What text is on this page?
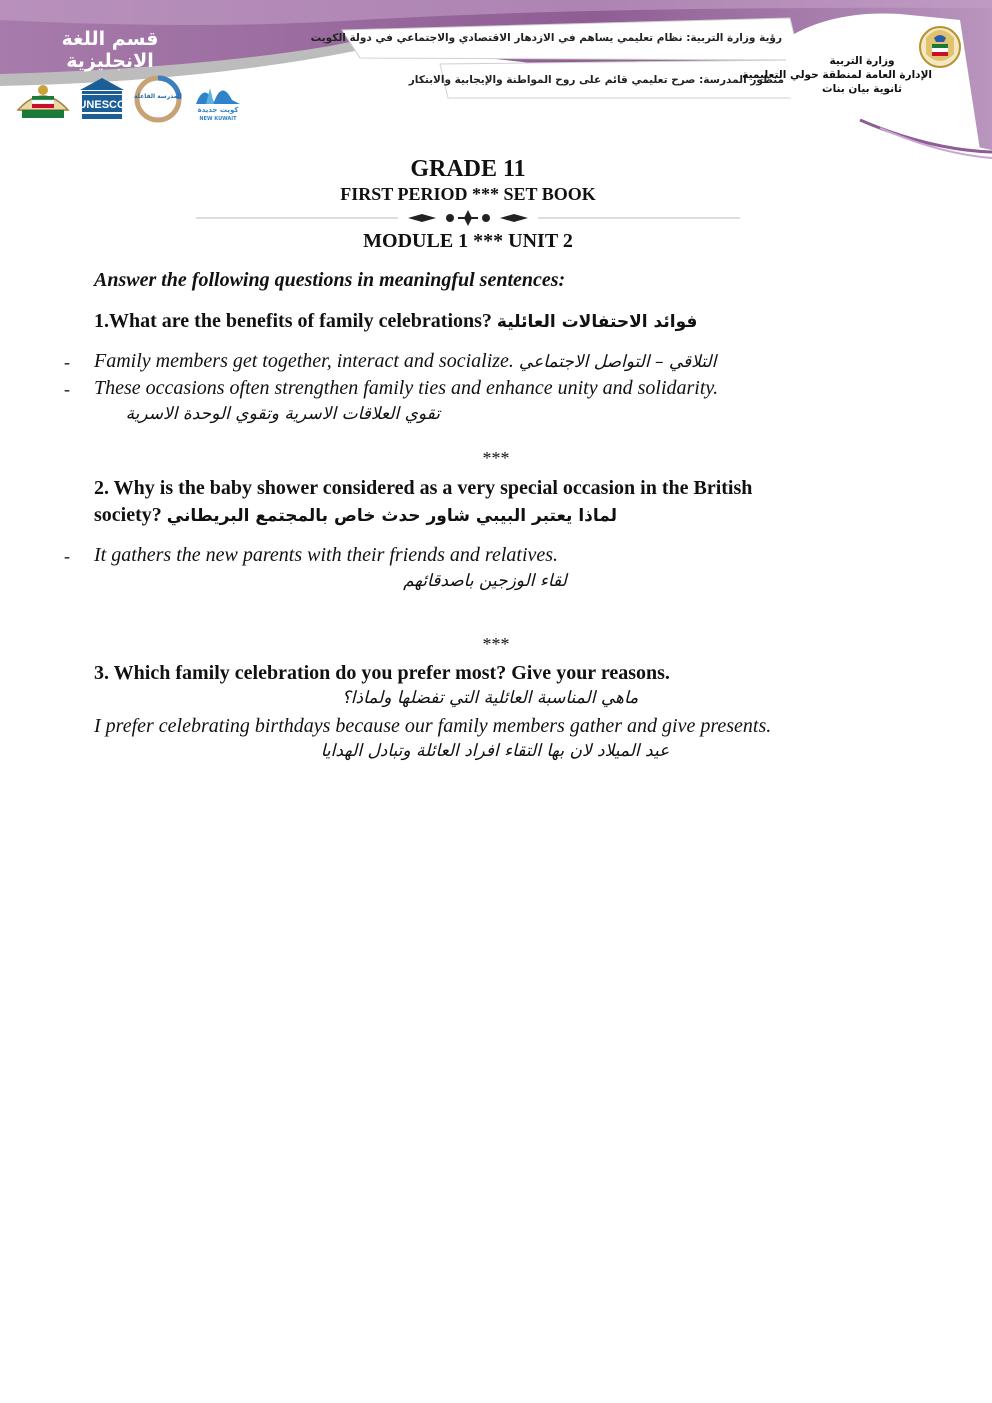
قسم اللغة الانجليزية
رؤية وزارة التربية: نظام تعليمي يساهم في الازدهار الاقتصادي والاجتماعي في دولة الكويت
منظور المدرسة: صرح تعليمي قائم على روح المواطنة والإيجابية والابتكار
وزارة التربية
الإدارة العامة لمنطقة حولي التعليمية
ثانوية بيان بنات
UNESCO
المدرسة الفاعلة
كويت جديدة
NEW KUWAIT
GRADE 11
FIRST PERIOD *** SET BOOK
MODULE 1 *** UNIT 2
Answer the following questions in meaningful sentences:
1.What are the benefits of family celebrations? فوائد الاحتفالات العائلية
- Family members get together, interact and socialize. التلاقي – التواصل الاجتماعي
- These occasions often strengthen family ties and enhance unity and solidarity.
تقوي العلاقات الاسرية وتقوي الوحدة الاسرية
***
2. Why is the baby shower considered as a very special occasion in the British
society? لماذا يعتبر البيبي شاور حدث خاص بالمجتمع البريطاني
- It gathers the new parents with their friends and relatives.
لقاء الوزجين باصدقائهم
***
3. Which family celebration do you prefer most? Give your reasons.
ماهي المناسبة العائلية التي تفضلها ولماذا؟
I prefer celebrating birthdays because our family members gather and give presents.
عيد الميلاد لان بها التقاء افراد العائلة وتبادل الهدايا
